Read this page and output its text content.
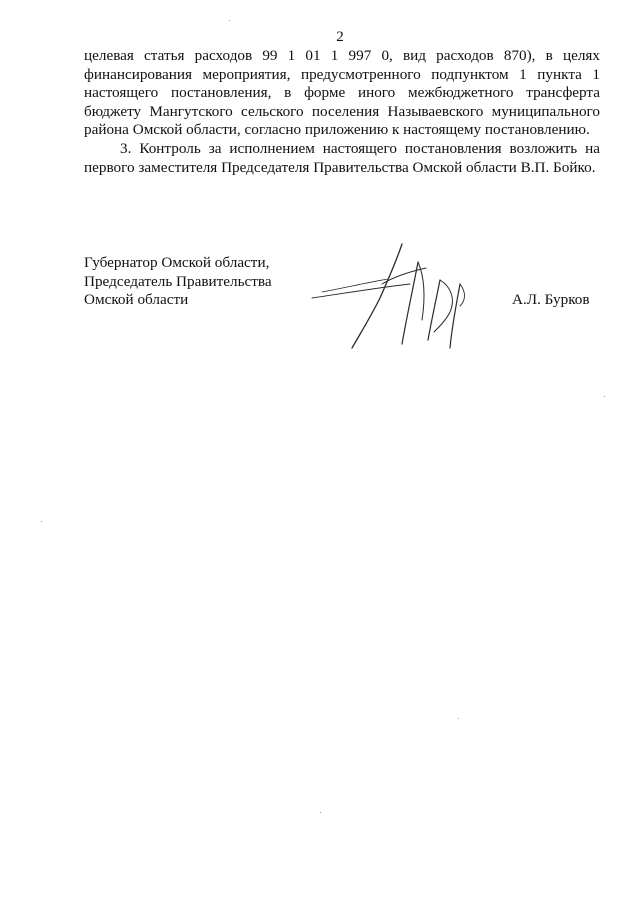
2

целевая статья расходов 99 1 01 1 997 0, вид расходов 870), в целях финансирования мероприятия, предусмотренного подпунктом 1 пункта 1 настоящего постановления, в форме иного межбюджетного трансферта бюджету Мангутского сельского поселения Называевского муниципального района Омской области, согласно приложению к настоящему постановлению.

3. Контроль за исполнением настоящего постановления возложить на первого заместителя Председателя Правительства Омской области В.П. Бойко.

Губернатор Омской области,
Председатель Правительства
Омской области	А.Л. Бурков
